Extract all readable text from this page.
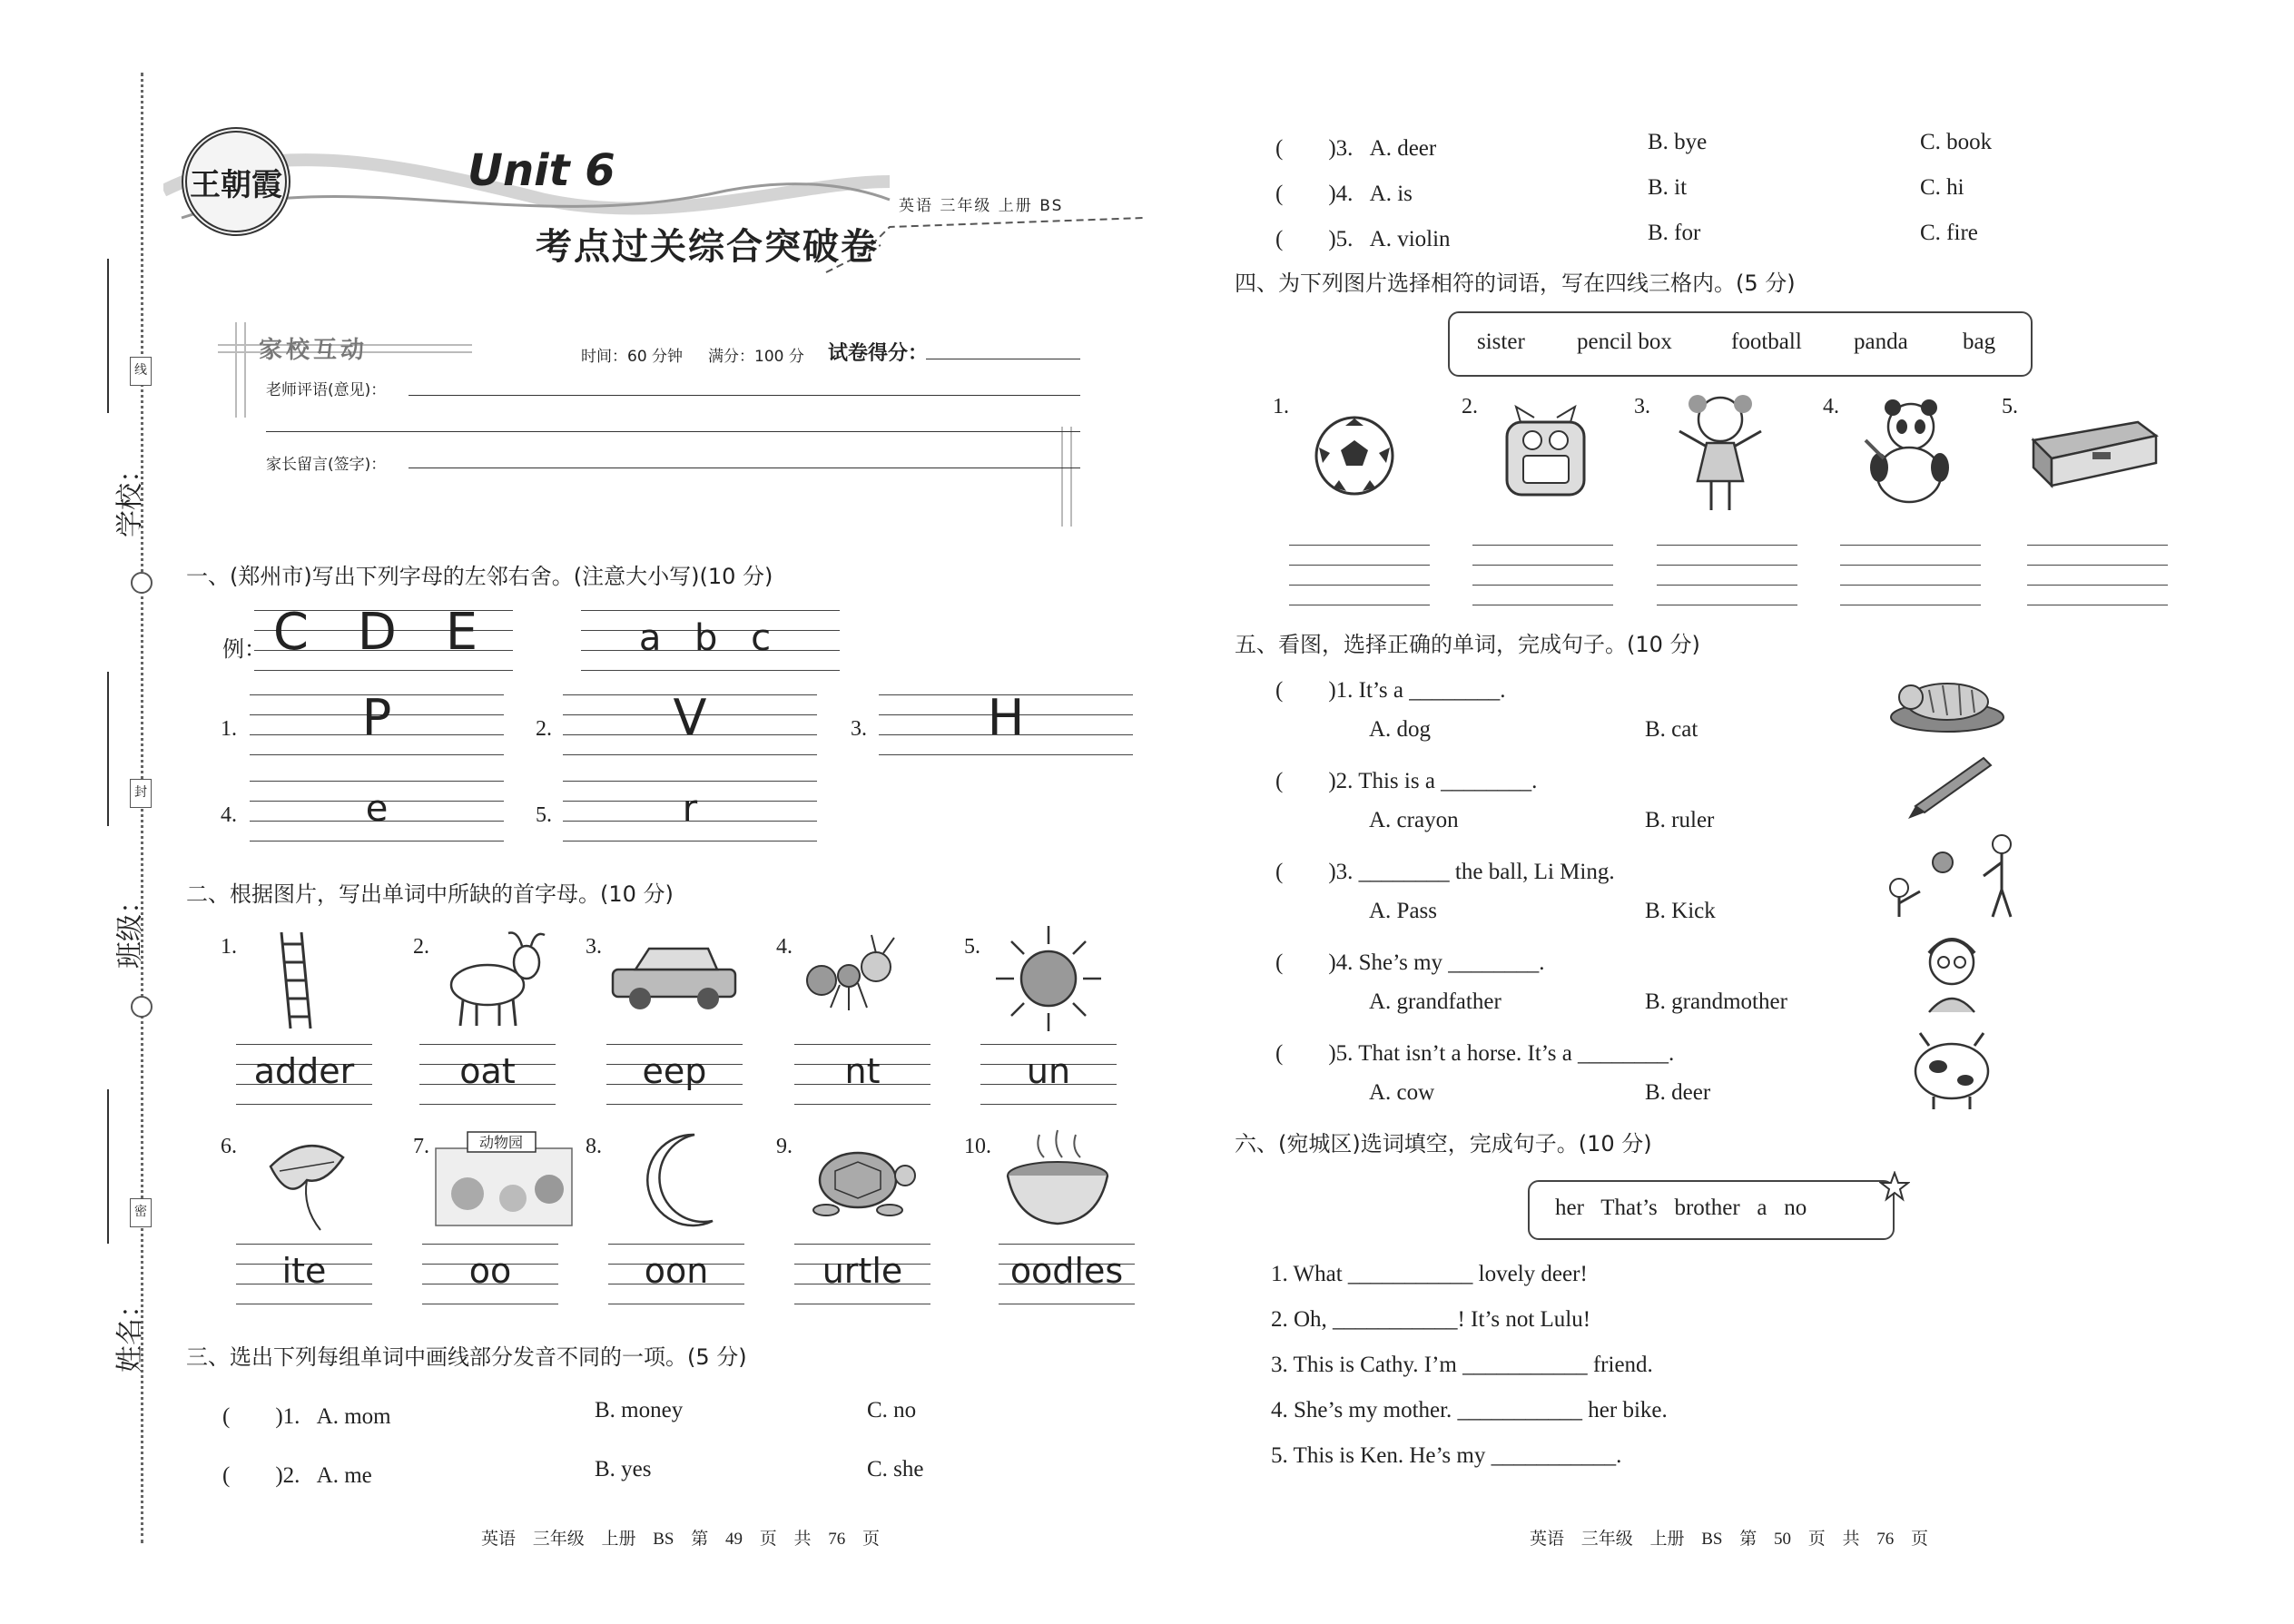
学校：
班级：
姓名：
线
封
密
王朝霞	Unit 6
考点过关综合突破卷
英语 三年级 上册 BS
家校互动	时间：60 分钟 满分：100 分 试卷得分：
老师评语(意见)：
家长留言(签字)：
一、(郑州市)写出下列字母的左邻右舍。(注意大小写)(10 分)
例： C D E	a b c
1.	P	2.	V	3.	H
4.	e	5.	r
二、根据图片，写出单词中所缺的首字母。(10 分)
1.	2.	3.	4.	5.
adder	oat	eep	nt	un
6.	7.	动物园	8.	9.	10.
ite	oo	oon	urtle	oodles
三、选出下列每组单词中画线部分发音不同的一项。(5 分)
(　　)1. A. mom	B. money	C. no
(　　)2. A. me	B. yes	C. she
(　　)3. A. deer	B. bye	C. book
(　　)4. A. is	B. it	C. hi
(　　)5. A. violin	B. for	C. fire
四、为下列图片选择相符的词语，写在四线三格内。(5 分)
sister pencil box	football panda bag
1.	2.	3.	4.	5.
五、看图，选择正确的单词，完成句子。(10 分)
(　　)1. It’s a ________.
A. dog	B. cat
(　　)2. This is a ________.
A. crayon	B. ruler
(　　)3. ________ the ball, Li Ming.
A. Pass	B. Kick
(　　)4. She’s my ________.
A. grandfather	B. grandmother
(　　)5. That isn’t a horse. It’s a ________.
A. cow	B. deer
六、(宛城区)选词填空，完成句子。(10 分)
her   That’s   brother   a   no
1. What ___________ lovely deer!
2. Oh, ___________! It’s not Lulu!
3. This is Cathy. I’m ___________ friend.
4. She’s my mother. ___________ her bike.
5. This is Ken. He’s my ___________.
英语 三年级 上册 BS 第 49 页 共 76 页	英语 三年级 上册 BS 第 50 页 共 76 页
